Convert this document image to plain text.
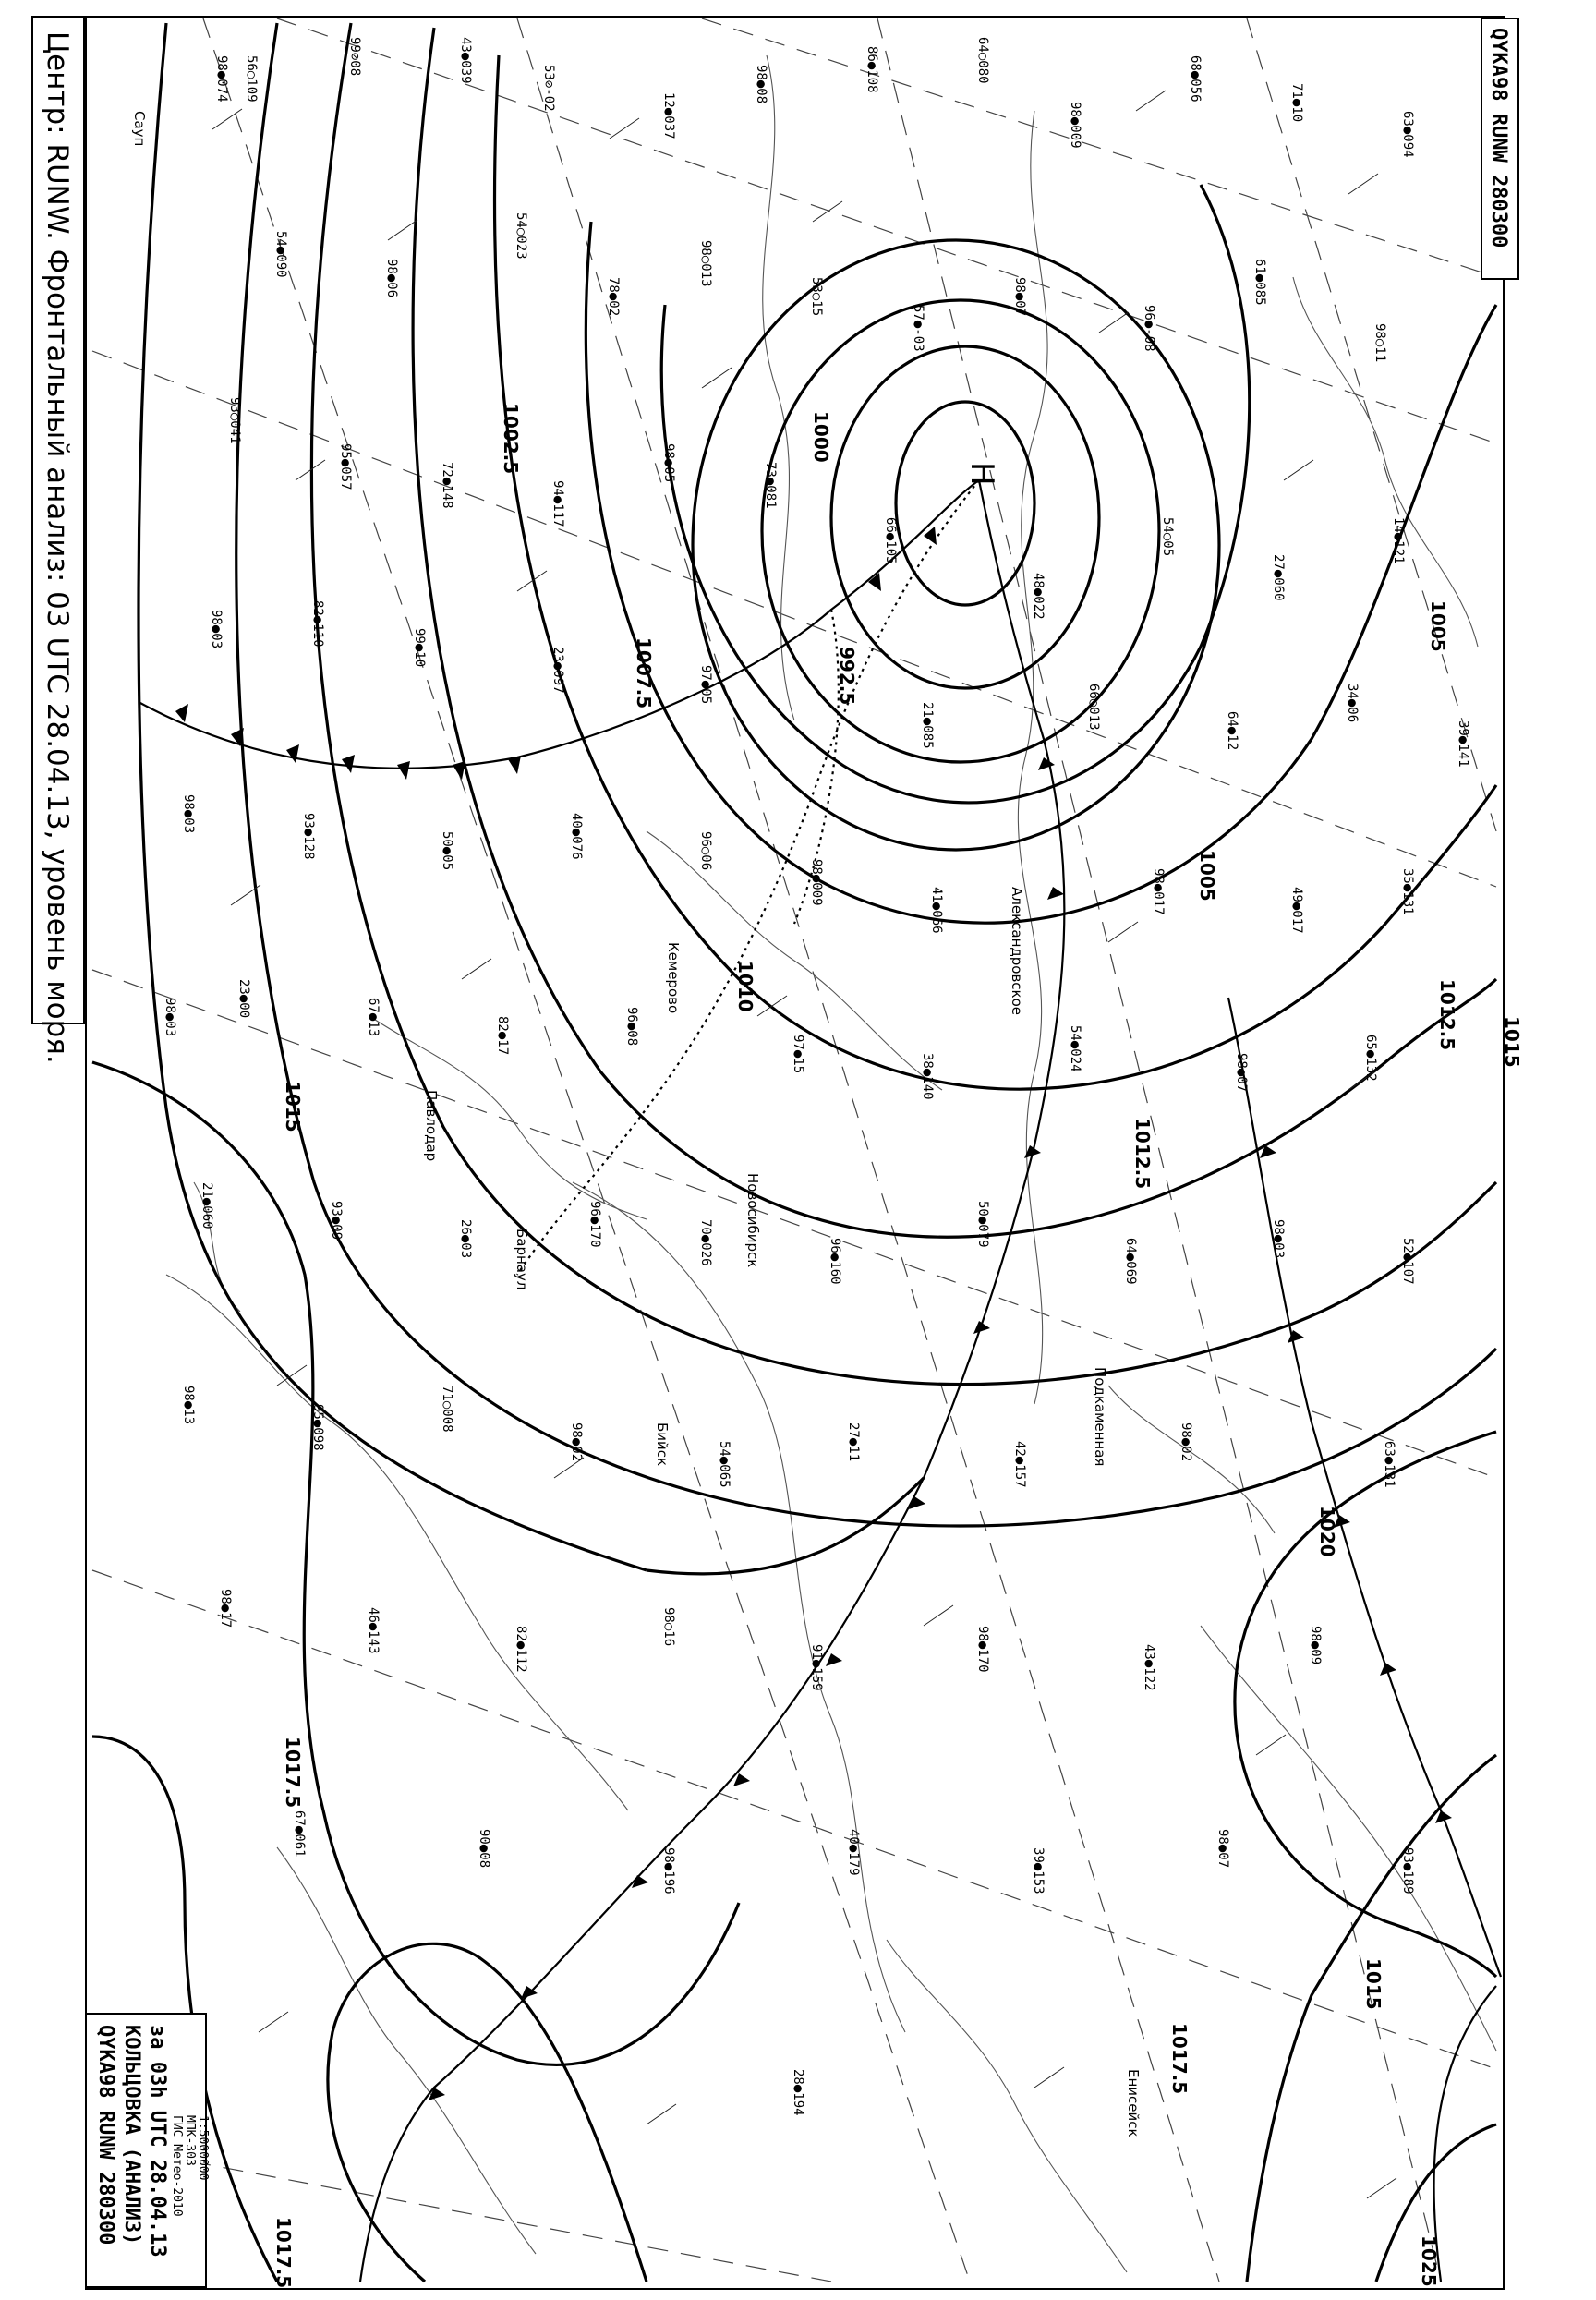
Н
992.5
1000
1002.5
1005
1005
1007.5
1010
1012.5
1012.5
1015
1015
1015
1017.5
1017.5
1017.5
1020
1025
Сауп
Новосибирск
Александровское
Подкаменная
Енисейск
Павлодар
Барнаул
Бийск
Кемерово
98●074 56○109	99⊘08	43●039
53⊘-02
12●037
98●08	86●108	64○080
98●009
68●056
71●10
63●094
54●090
98●06
54○023
78●02
98○013
53○15
57●-03
98●07
96●-08
61●085
98○11
93○041
95●057	72●148	94●117
98●05	73●081
66●105
48●022
54○05
27●060
14●121
98●03	82●110
99●10	23●097	97●05
21●085	66○013
64●12
34●06
39●141
98●03	93●128	50●05	40●076	96○06
98●009
41●066	98●017	49●017	35●131
98●03	23●00	67●13	82●17	96●08
97●15	38●140
54●024
98●07	65●132
21●060	93●09	26●03	96●170	70●026	96●160
50●079
64●069	98●03	52●107
98●13	95●098	71○008
98●02	54●065	27●11	42●157	98●02	63●131
98●17	46●143	82●112	98○16
91●159	98●170	43●122	98●09
67●061	90●08	98●196	40●179	39●153	98●07	93●189
28●194
Центр: RUNW. Фронтальный анализ: 03 UTC 28.04.13, уровень моря.	QYKA98 RUNW 280300
QYKA98 RUNW 280300 КОЛЬЦОВКА (АНАЛИЗ) за 03h UTC 28.04.13 ГИС Метео-2010 МПК-303 1:5000000
